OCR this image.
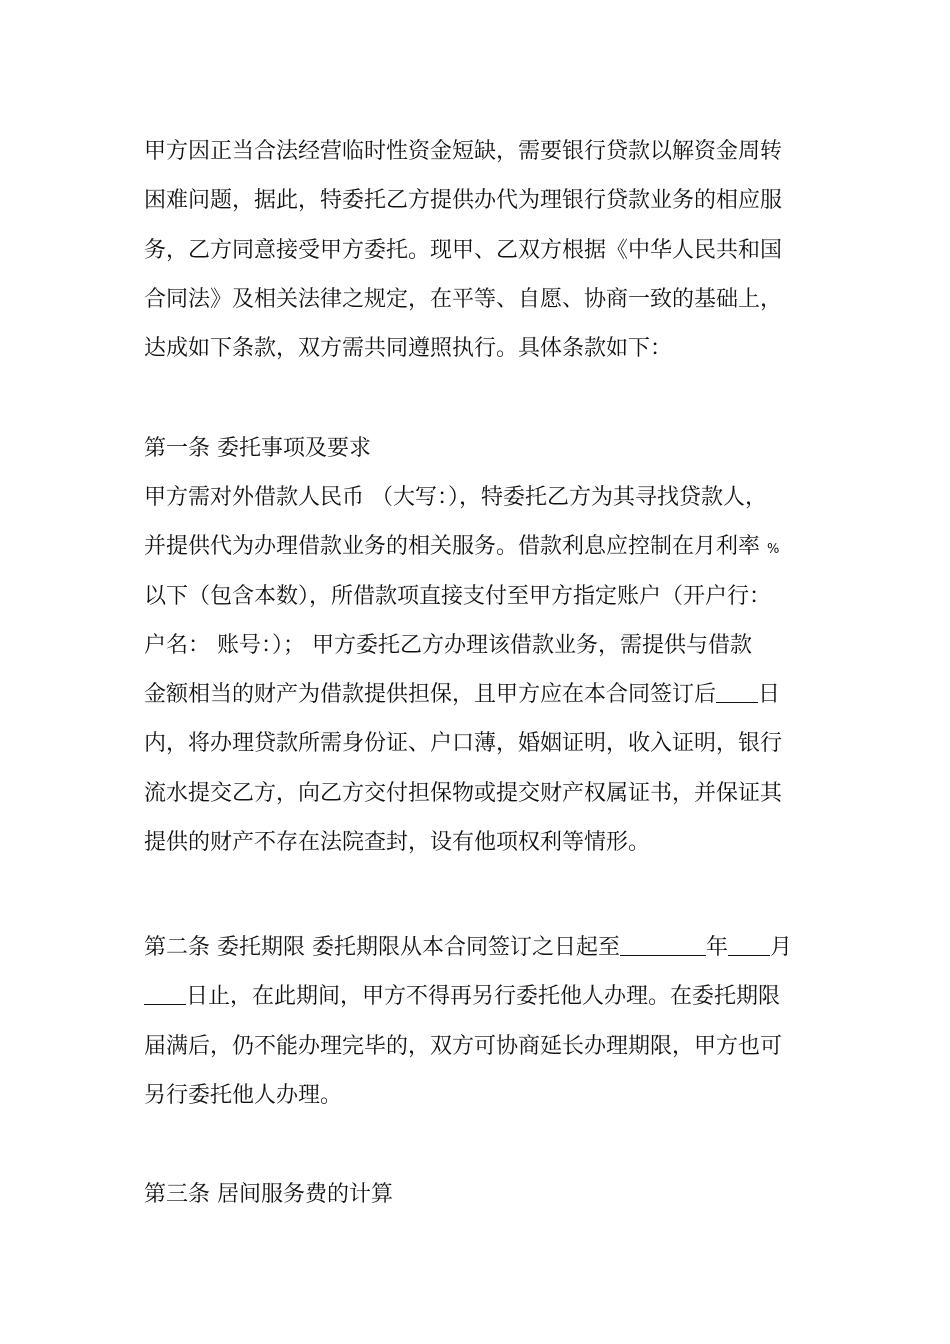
甲方因正当合法经营临时性资金短缺，需要银行贷款以解资金周转
困难问题，据此，特委托乙方提供办代为理银行贷款业务的相应服
务，乙方同意接受甲方委托。现甲、乙双方根据《中华人民共和国
合同法》及相关法律之规定，在平等、自愿、协商一致的基础上，
达成如下条款，双方需共同遵照执行。具体条款如下：
第一条 委托事项及要求
甲方需对外借款人民币 （大写：），特委托乙方为其寻找贷款人，
并提供代为办理借款业务的相关服务。借款利息应控制在月利率 %
以下（包含本数），所借款项直接支付至甲方指定账户（开户行：
户名： 账号：）； 甲方委托乙方办理该借款业务，需提供与借款
金额相当的财产为借款提供担保，且甲方应在本合同签订后 日
内，将办理贷款所需身份证、户口薄，婚姻证明，收入证明，银行
流水提交乙方，向乙方交付担保物或提交财产权属证书，并保证其
提供的财产不存在法院查封，设有他项权利等情形。
第二条 委托期限 委托期限从本合同签订之日起至	年 月
日止，在此期间，甲方不得再另行委托他人办理。在委托期限
届满后，仍不能办理完毕的，双方可协商延长办理期限，甲方也可
另行委托他人办理。
第三条 居间服务费的计算
